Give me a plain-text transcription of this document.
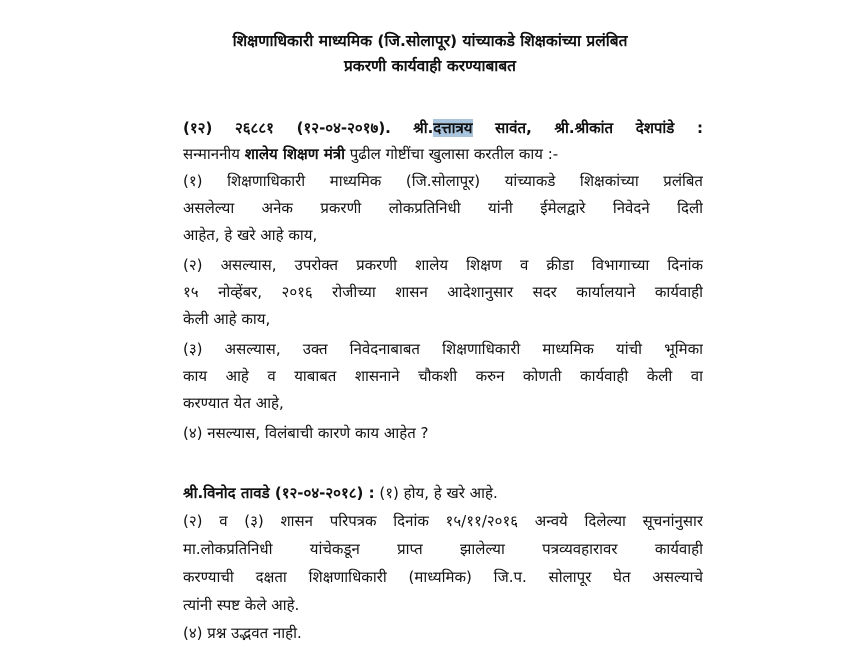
शिक्षणाधिकारी माध्यमिक (जि.सोलापूर) यांच्याकडे शिक्षकांच्या प्रलंबित
प्रकरणी कार्यवाही करण्याबाबत
(१२) २६८८१ (१२-०४-२०१७). श्री.दत्तात्रय सावंत, श्री.श्रीकांत देशपांडे :
सन्माननीय शालेय शिक्षण मंत्री पुढील गोष्टींचा खुलासा करतील काय :-
(१) शिक्षणाधिकारी माध्यमिक (जि.सोलापूर) यांच्याकडे शिक्षकांच्या प्रलंबित
असलेल्या अनेक प्रकरणी लोकप्रतिनिधी यांनी ईमेलद्वारे निवेदने दिली
आहेत, हे खरे आहे काय,
(२) असल्यास, उपरोक्त प्रकरणी शालेय शिक्षण व क्रीडा विभागाच्या दिनांक
१५ नोव्हेंबर, २०१६ रोजीच्या शासन आदेशानुसार सदर कार्यालयाने कार्यवाही
केली आहे काय,
(३) असल्यास, उक्त निवेदनाबाबत शिक्षणाधिकारी माध्यमिक यांची भूमिका
काय आहे व याबाबत शासनाने चौकशी करुन कोणती कार्यवाही केली वा
करण्यात येत आहे,
(४) नसल्यास, विलंबाची कारणे काय आहेत ?
श्री.विनोद तावडे (१२-०४-२०१८) : (१) होय, हे खरे आहे.
(२) व (३) शासन परिपत्रक दिनांक १५/११/२०१६ अन्वये दिलेल्या सूचनांनुसार
मा.लोकप्रतिनिधी यांचेकडून प्राप्त झालेल्या पत्रव्यवहारावर कार्यवाही
करण्याची दक्षता शिक्षणाधिकारी (माध्यमिक) जि.प. सोलापूर घेत असल्याचे
त्यांनी स्पष्ट केले आहे.
(४) प्रश्न उद्भवत नाही.
